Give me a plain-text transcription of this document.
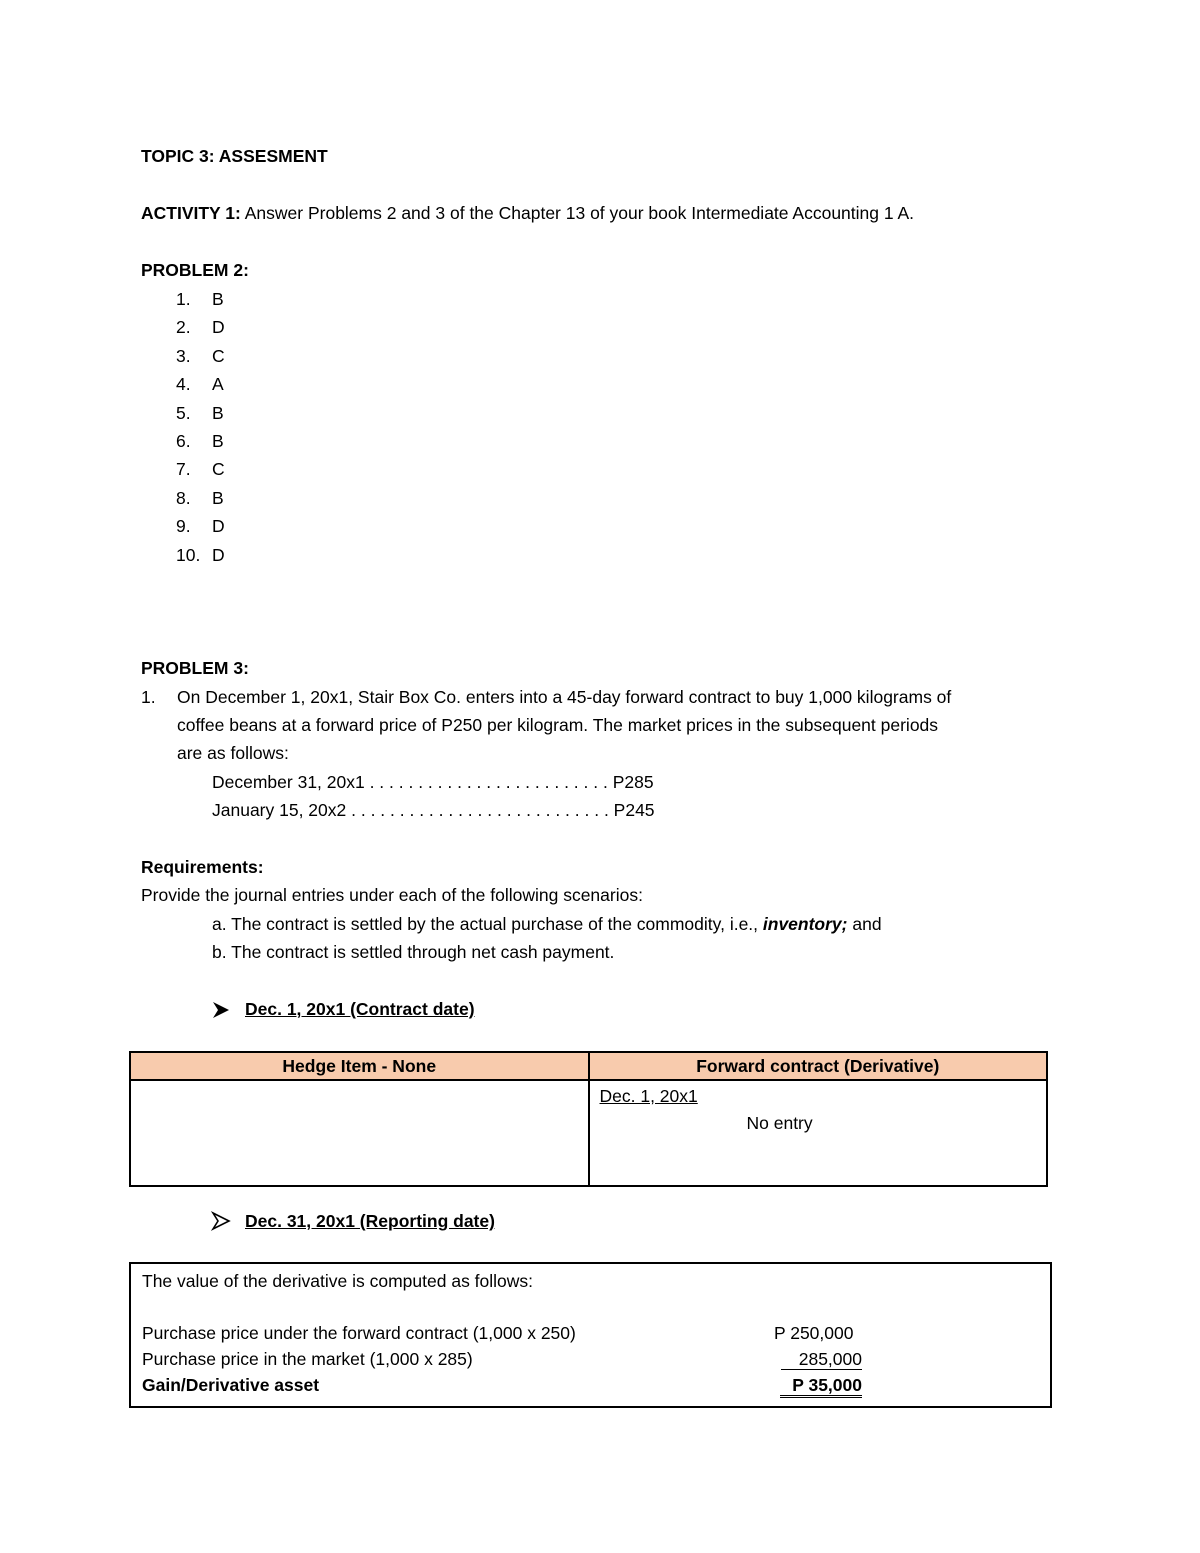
TOPIC 3: ASSESMENT
ACTIVITY 1: Answer Problems 2 and 3 of the Chapter 13 of your book Intermediate Accounting 1 A.
PROBLEM 2:
1. B
2. D
3. C
4. A
5. B
6. B
7. C
8. B
9. D
10. D
PROBLEM 3:
1. On December 1, 20x1, Stair Box Co. enters into a 45-day forward contract to buy 1,000 kilograms of
coffee beans at a forward price of P250 per kilogram. The market prices in the subsequent periods
are as follows:
December 31, 20x1 . . . . . . . . . . . . . . . . . . . . . . . . . P285
January 15, 20x2 . . . . . . . . . . . . . . . . . . . . . . . . . . . P245
Requirements:
Provide the journal entries under each of the following scenarios:
a. The contract is settled by the actual purchase of the commodity, i.e., inventory; and
b. The contract is settled through net cash payment.
Dec. 1, 20x1 (Contract date)
Hedge Item - None	Forward contract (Derivative)

	Dec. 1, 20x1
No entry
Dec. 31, 20x1 (Reporting date)
The value of the derivative is computed as follows:
Purchase price under the forward contract (1,000 x 250)	P 250,000
Purchase price in the market (1,000 x 285)	285,000
Gain/Derivative asset	P 35,000
